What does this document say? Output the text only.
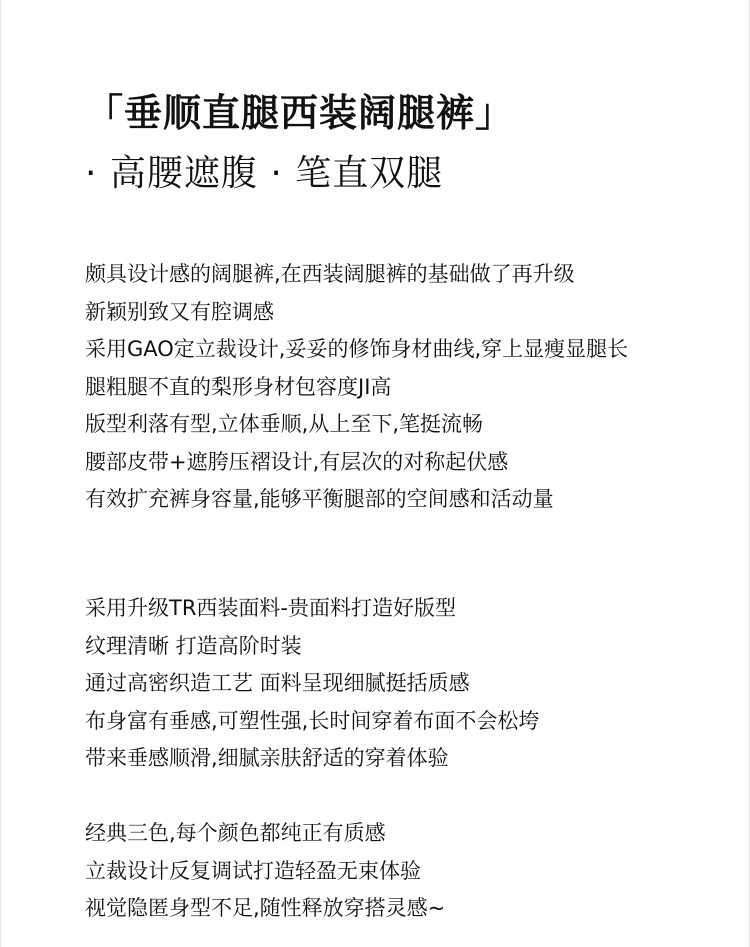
「垂顺直腿西装阔腿裤」
· 高腰遮腹 · 笔直双腿
颇具设计感的阔腿裤,在西装阔腿裤的基础做了再升级
新颖别致又有腔调感
采用GAO定立裁设计,妥妥的修饰身材曲线,穿上显瘦显腿长
腿粗腿不直的梨形身材包容度JI高
版型利落有型,立体垂顺,从上至下,笔挺流畅
腰部皮带+遮胯压褶设计,有层次的对称起伏感
有效扩充裤身容量,能够平衡腿部的空间感和活动量
采用升级TR西装面料-贵面料打造好版型
纹理清晰 打造高阶时装
通过高密织造工艺 面料呈现细腻挺括质感
布身富有垂感,可塑性强,长时间穿着布面不会松垮
带来垂感顺滑,细腻亲肤舒适的穿着体验
经典三色,每个颜色都纯正有质感
立裁设计反复调试打造轻盈无束体验
视觉隐匿身型不足,随性释放穿搭灵感~
